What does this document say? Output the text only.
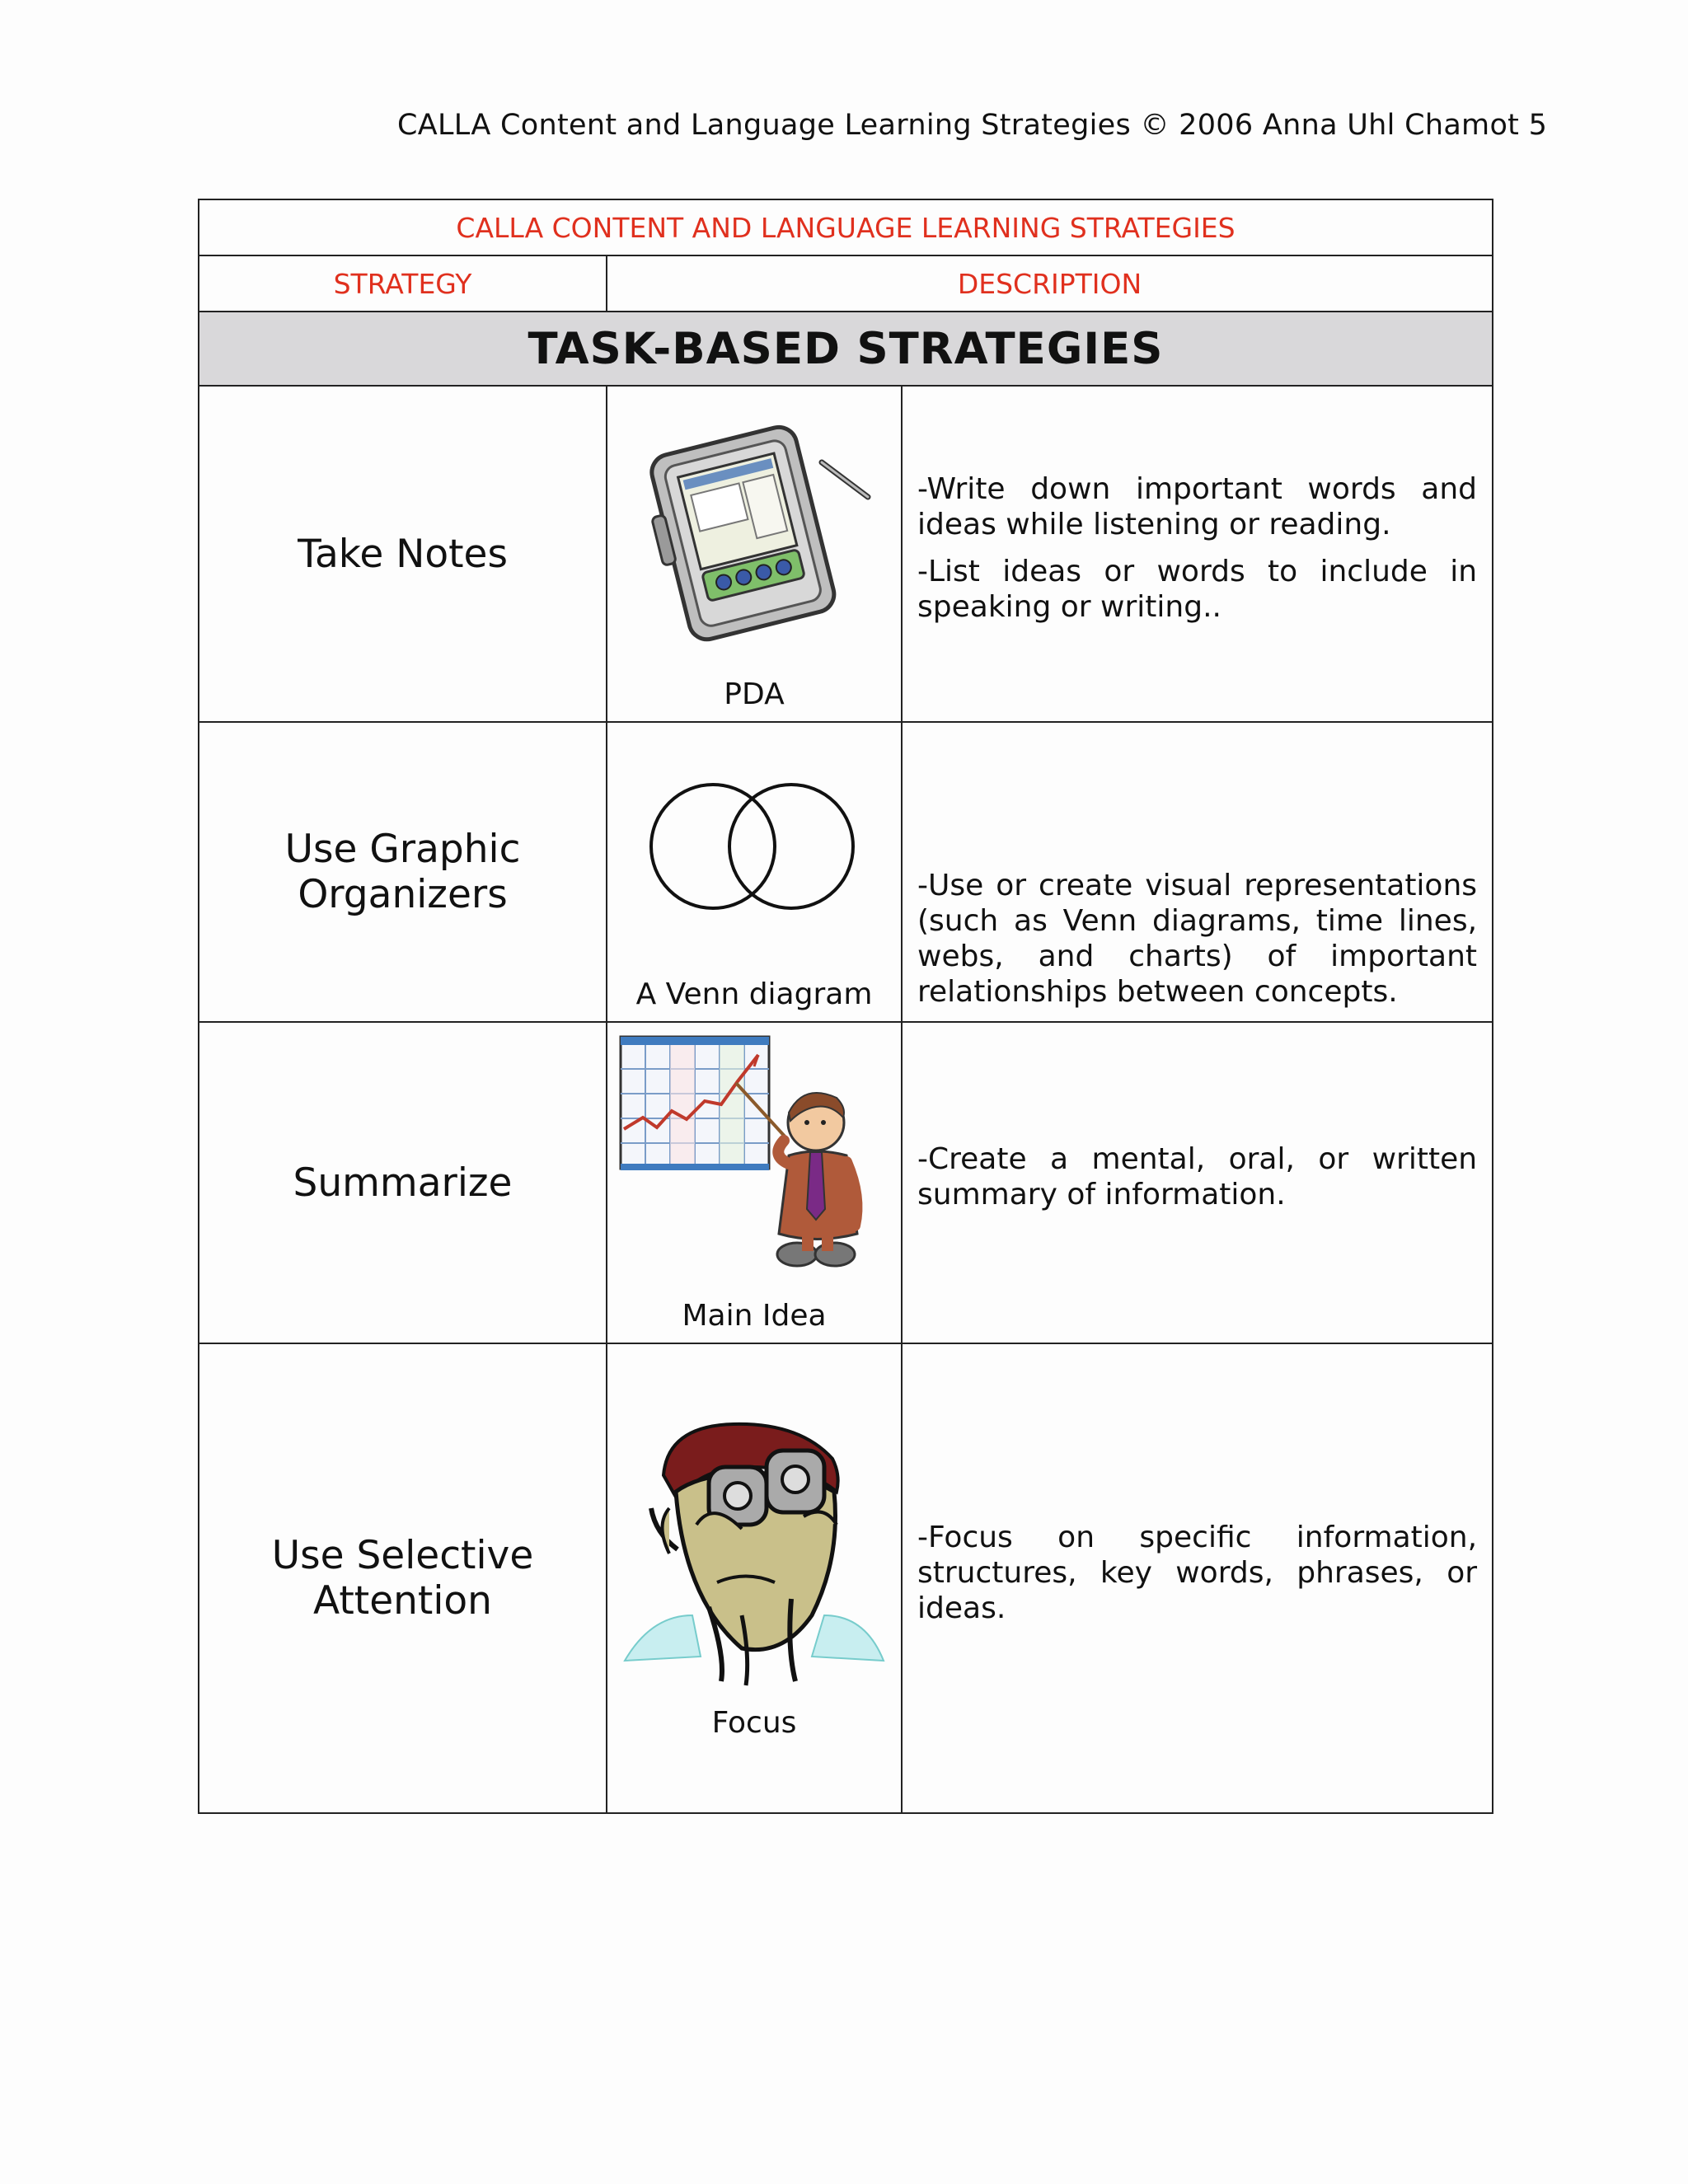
CALLA Content and Language Learning Strategies © 2006 Anna Uhl Chamot 5
CALLA CONTENT AND LANGUAGE LEARNING STRATEGIES		
STRATEGY	DESCRIPTION	
TASK-BASED STRATEGIES		
Take Notes	PDA	-Write down important words and ideas while listening or reading.

-List ideas or words to include in speaking or writing..

Use Graphic
Organizers	A Venn diagram	-Use or create visual representations (such as Venn diagrams, time lines, webs, and charts) of important relationships between concepts.

Summarize	Main Idea	-Create a mental, oral, or written summary of information.

Use Selective
Attention	Focus	-Focus on specific information, structures, key words, phrases, or ideas.
